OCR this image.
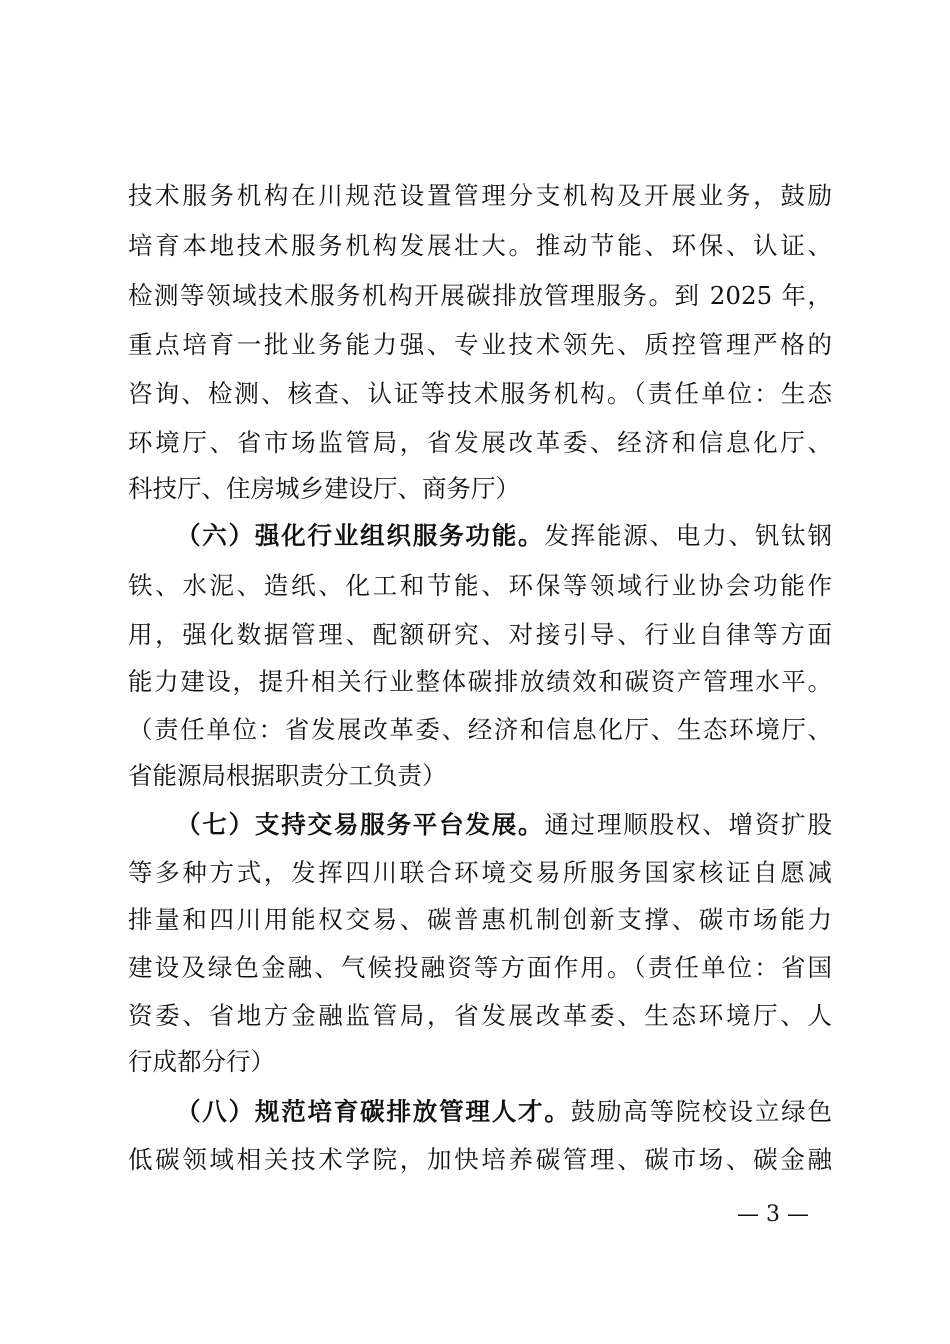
技术服务机构在川规范设置管理分支机构及开展业务，鼓励
培育本地技术服务机构发展壮大。推动节能、环保、认证、
检测等领域技术服务机构开展碳排放管理服务。到 2025 年，
重点培育一批业务能力强、专业技术领先、质控管理严格的
咨询、检测、核查、认证等技术服务机构。（责任单位：生态
环境厅、省市场监管局，省发展改革委、经济和信息化厅、
科技厅、住房城乡建设厅、商务厅）
（六）强化行业组织服务功能。发挥能源、电力、钒钛钢
铁、水泥、造纸、化工和节能、环保等领域行业协会功能作
用，强化数据管理、配额研究、对接引导、行业自律等方面
能力建设，提升相关行业整体碳排放绩效和碳资产管理水平。
（责任单位：省发展改革委、经济和信息化厅、生态环境厅、
省能源局根据职责分工负责）
（七）支持交易服务平台发展。通过理顺股权、增资扩股
等多种方式，发挥四川联合环境交易所服务国家核证自愿减
排量和四川用能权交易、碳普惠机制创新支撑、碳市场能力
建设及绿色金融、气候投融资等方面作用。（责任单位：省国
资委、省地方金融监管局，省发展改革委、生态环境厅、人
行成都分行）
（八）规范培育碳排放管理人才。鼓励高等院校设立绿色
低碳领域相关技术学院，加快培养碳管理、碳市场、碳金融
— 3 —
